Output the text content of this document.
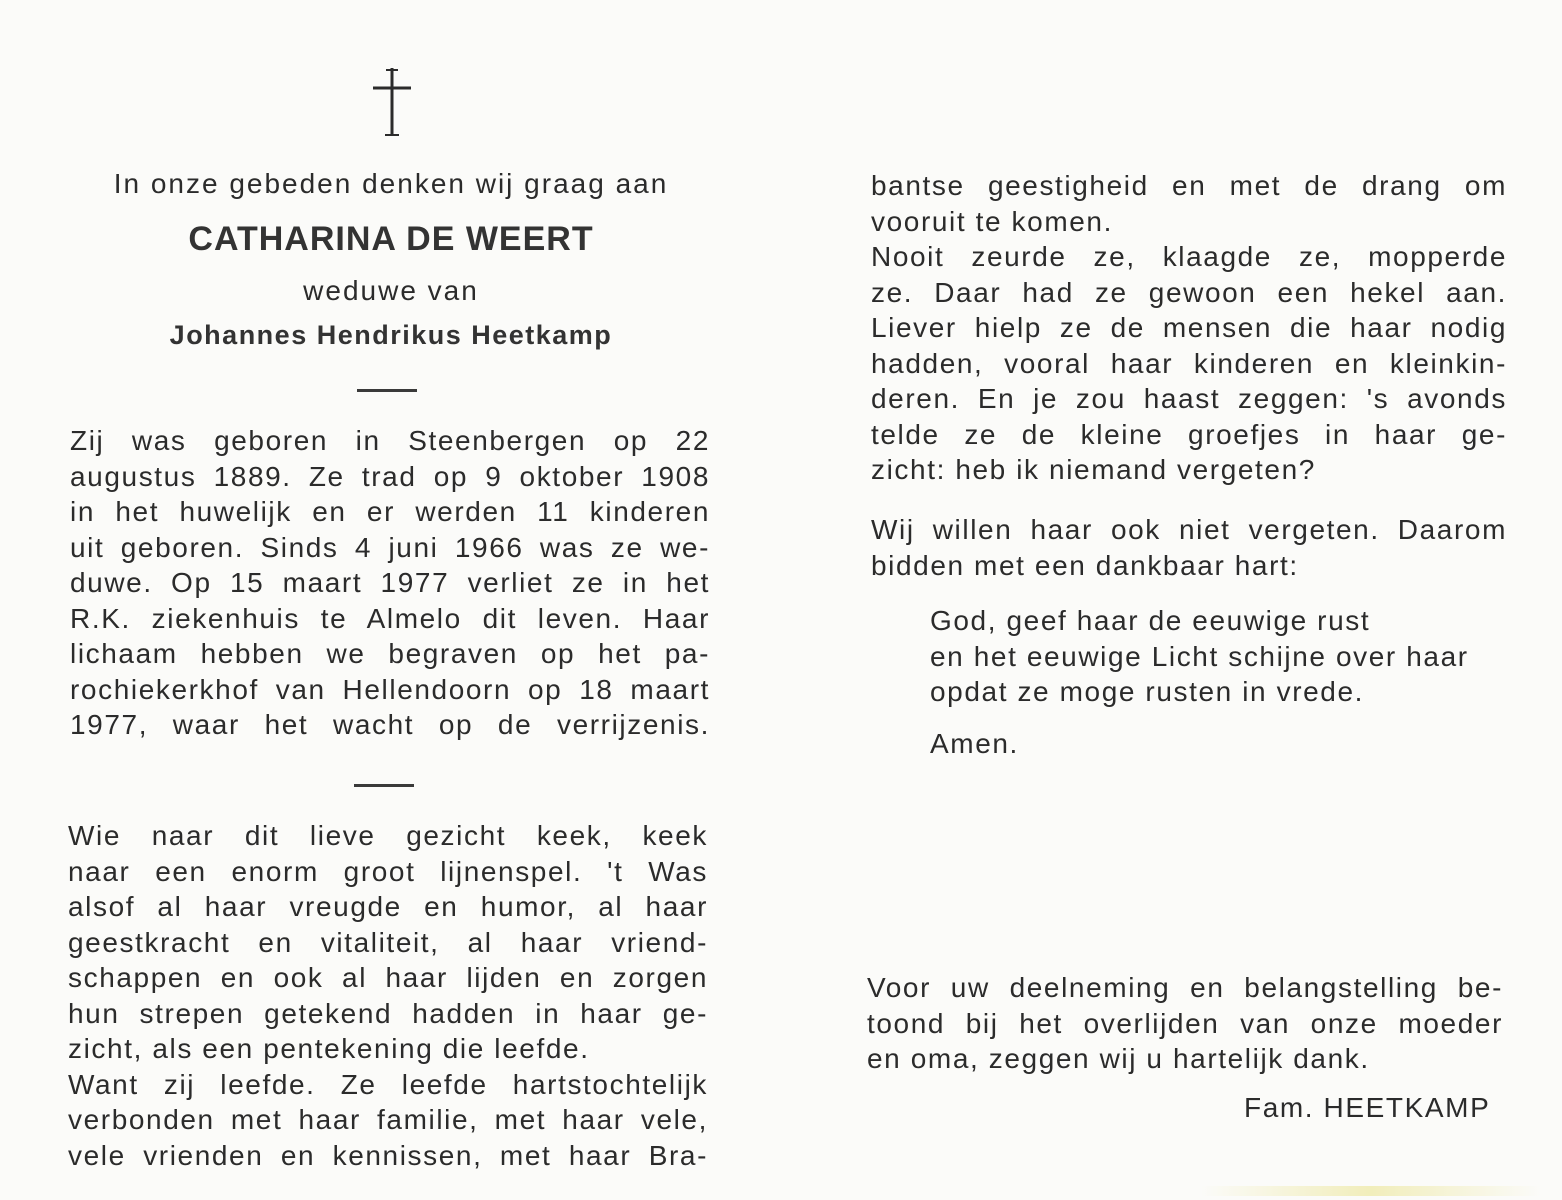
In onze gebeden denken wij graag aan
CATHARINA DE WEERT
weduwe van
Johannes Hendrikus Heetkamp
Zij was geboren in Steenbergen op 22
augustus 1889. Ze trad op 9 oktober 1908
in het huwelijk en er werden 11 kinderen
uit geboren. Sinds 4 juni 1966 was ze we-
duwe. Op 15 maart 1977 verliet ze in het
R.K. ziekenhuis te Almelo dit leven. Haar
lichaam hebben we begraven op het pa-
rochiekerkhof van Hellendoorn op 18 maart
1977, waar het wacht op de verrijzenis.
Wie naar dit lieve gezicht keek, keek
naar een enorm groot lijnenspel. 't Was
alsof al haar vreugde en humor, al haar
geestkracht en vitaliteit, al haar vriend-
schappen en ook al haar lijden en zorgen
hun strepen getekend hadden in haar ge-
zicht, als een pentekening die leefde.
Want zij leefde. Ze leefde hartstochtelijk
verbonden met haar familie, met haar vele,
vele vrienden en kennissen, met haar Bra-
bantse geestigheid en met de drang om
vooruit te komen.
Nooit zeurde ze, klaagde ze, mopperde
ze. Daar had ze gewoon een hekel aan.
Liever hielp ze de mensen die haar nodig
hadden, vooral haar kinderen en kleinkin-
deren. En je zou haast zeggen: 's avonds
telde ze de kleine groefjes in haar ge-
zicht: heb ik niemand vergeten?
Wij willen haar ook niet vergeten. Daarom
bidden met een dankbaar hart:
God, geef haar de eeuwige rust
en het eeuwige Licht schijne over haar
opdat ze moge rusten in vrede.
Amen.
Voor uw deelneming en belangstelling be-
toond bij het overlijden van onze moeder
en oma, zeggen wij u hartelijk dank.
Fam. HEETKAMP
